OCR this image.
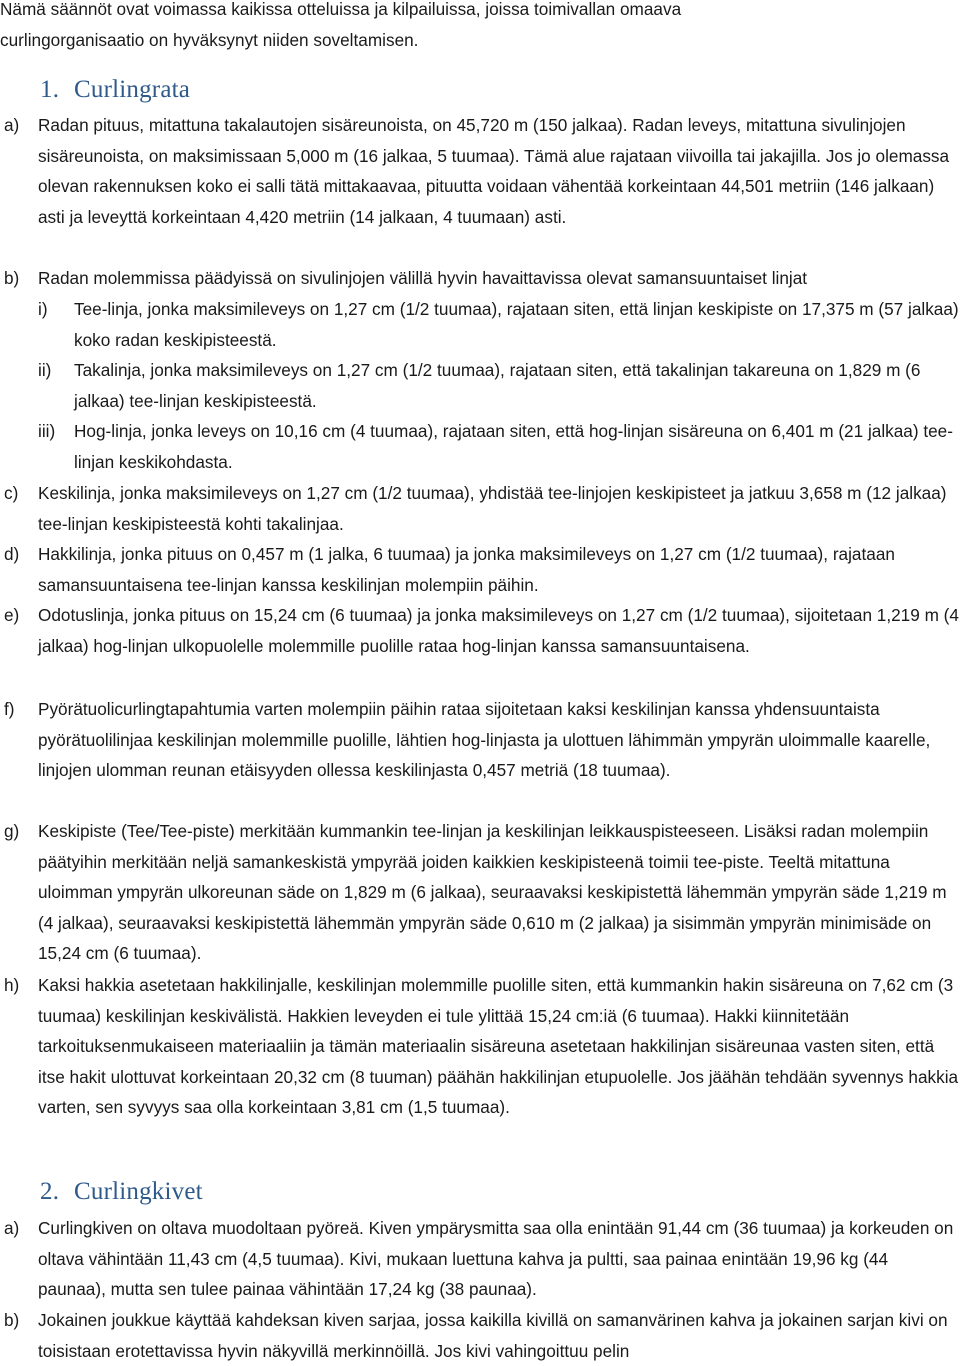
Nämä säännöt ovat voimassa kaikissa otteluissa ja kilpailuissa, joissa toimivallan omaava curlingorganisaatio on hyväksynyt niiden soveltamisen.

1. Curlingrata
a) Radan pituus, mitattuna takalautojen sisäreunoista, on 45,720 m (150 jalkaa). Radan leveys, mitattuna sivulinjojen sisäreunoista, on maksimissaan 5,000 m (16 jalkaa, 5 tuumaa). Tämä alue rajataan viivoilla tai jakajilla. Jos jo olemassa olevan rakennuksen koko ei salli tätä mittakaavaa, pituutta voidaan vähentää korkeintaan 44,501 metriin (146 jalkaan) asti ja leveyttä korkeintaan 4,420 metriin (14 jalkaan, 4 tuumaan) asti.
b) Radan molemmissa päädyissä on sivulinjojen välillä hyvin havaittavissa olevat samansuuntaiset linjat
i) Tee-linja, jonka maksimileveys on 1,27 cm (1/2 tuumaa), rajataan siten, että linjan keskipiste on 17,375 m (57 jalkaa) koko radan keskipisteestä.
ii) Takalinja, jonka maksimileveys on 1,27 cm (1/2 tuumaa), rajataan siten, että takalinjan takareuna on 1,829 m (6 jalkaa) tee-linjan keskipisteestä.
iii) Hog-linja, jonka leveys on 10,16 cm (4 tuumaa), rajataan siten, että hog-linjan sisäreuna on 6,401 m (21 jalkaa) tee-linjan keskikohdasta.
c) Keskilinja, jonka maksimileveys on 1,27 cm (1/2 tuumaa), yhdistää tee-linjojen keskipisteet ja jatkuu 3,658 m (12 jalkaa) tee-linjan keskipisteestä kohti takalinjaa.
d) Hakkilinja, jonka pituus on 0,457 m (1 jalka, 6 tuumaa) ja jonka maksimileveys on 1,27 cm (1/2 tuumaa), rajataan samansuuntaisena tee-linjan kanssa keskilinjan molempiin päihin.
e) Odotuslinja, jonka pituus on 15,24 cm (6 tuumaa) ja jonka maksimileveys on 1,27 cm (1/2 tuumaa), sijoitetaan 1,219 m (4 jalkaa) hog-linjan ulkopuolelle molemmille puolille rataa hog-linjan kanssa samansuuntaisena.
f) Pyörätuolicurlingtapahtumia varten molempiin päihin rataa sijoitetaan kaksi keskilinjan kanssa yhdensuuntaista pyörätuolilinjaa keskilinjan molemmille puolille, lähtien hog-linjasta ja ulottuen lähimmän ympyrän uloimmalle kaarelle, linjojen ulomman reunan etäisyyden ollessa keskilinjasta 0,457 metriä (18 tuumaa).
g) Keskipiste (Tee/Tee-piste) merkitään kummankin tee-linjan ja keskilinjan leikkauspisteeseen. Lisäksi radan molempiin päätyihin merkitään neljä samankeskistä ympyrää joiden kaikkien keskipisteenä toimii tee-piste. Teeltä mitattuna uloimman ympyrän ulkoreunan säde on 1,829 m (6 jalkaa), seuraavaksi keskipistettä lähemmän ympyrän säde 1,219 m (4 jalkaa), seuraavaksi keskipistettä lähemmän ympyrän säde 0,610 m (2 jalkaa) ja sisimmän ympyrän minimisäde on 15,24 cm (6 tuumaa).
h) Kaksi hakkia asetetaan hakkilinjalle, keskilinjan molemmille puolille siten, että kummankin hakin sisäreuna on 7,62 cm (3 tuumaa) keskilinjan keskivälistä. Hakkien leveyden ei tule ylittää 15,24 cm:iä (6 tuumaa). Hakki kiinnitetään tarkoituksenmukaiseen materiaaliin ja tämän materiaalin sisäreuna asetetaan hakkilinjan sisäreunaa vasten siten, että itse hakit ulottuvat korkeintaan 20,32 cm (8 tuuman) päähän hakkilinjan etupuolelle. Jos jäähän tehdään syvennys hakkia varten, sen syvyys saa olla korkeintaan 3,81 cm (1,5 tuumaa).
2. Curlingkivet
a) Curlingkiven on oltava muodoltaan pyöreä. Kiven ympärysmitta saa olla enintään 91,44 cm (36 tuumaa) ja korkeuden on oltava vähintään 11,43 cm (4,5 tuumaa). Kivi, mukaan luettuna kahva ja pultti, saa painaa enintään 19,96 kg (44 paunaa), mutta sen tulee painaa vähintään 17,24 kg (38 paunaa).
b) Jokainen joukkue käyttää kahdeksan kiven sarjaa, jossa kaikilla kivillä on samanvärinen kahva ja jokainen sarjan kivi on toisistaan erotettavissa hyvin näkyvillä merkinnöillä. Jos kivi vahingoittuu pelin
